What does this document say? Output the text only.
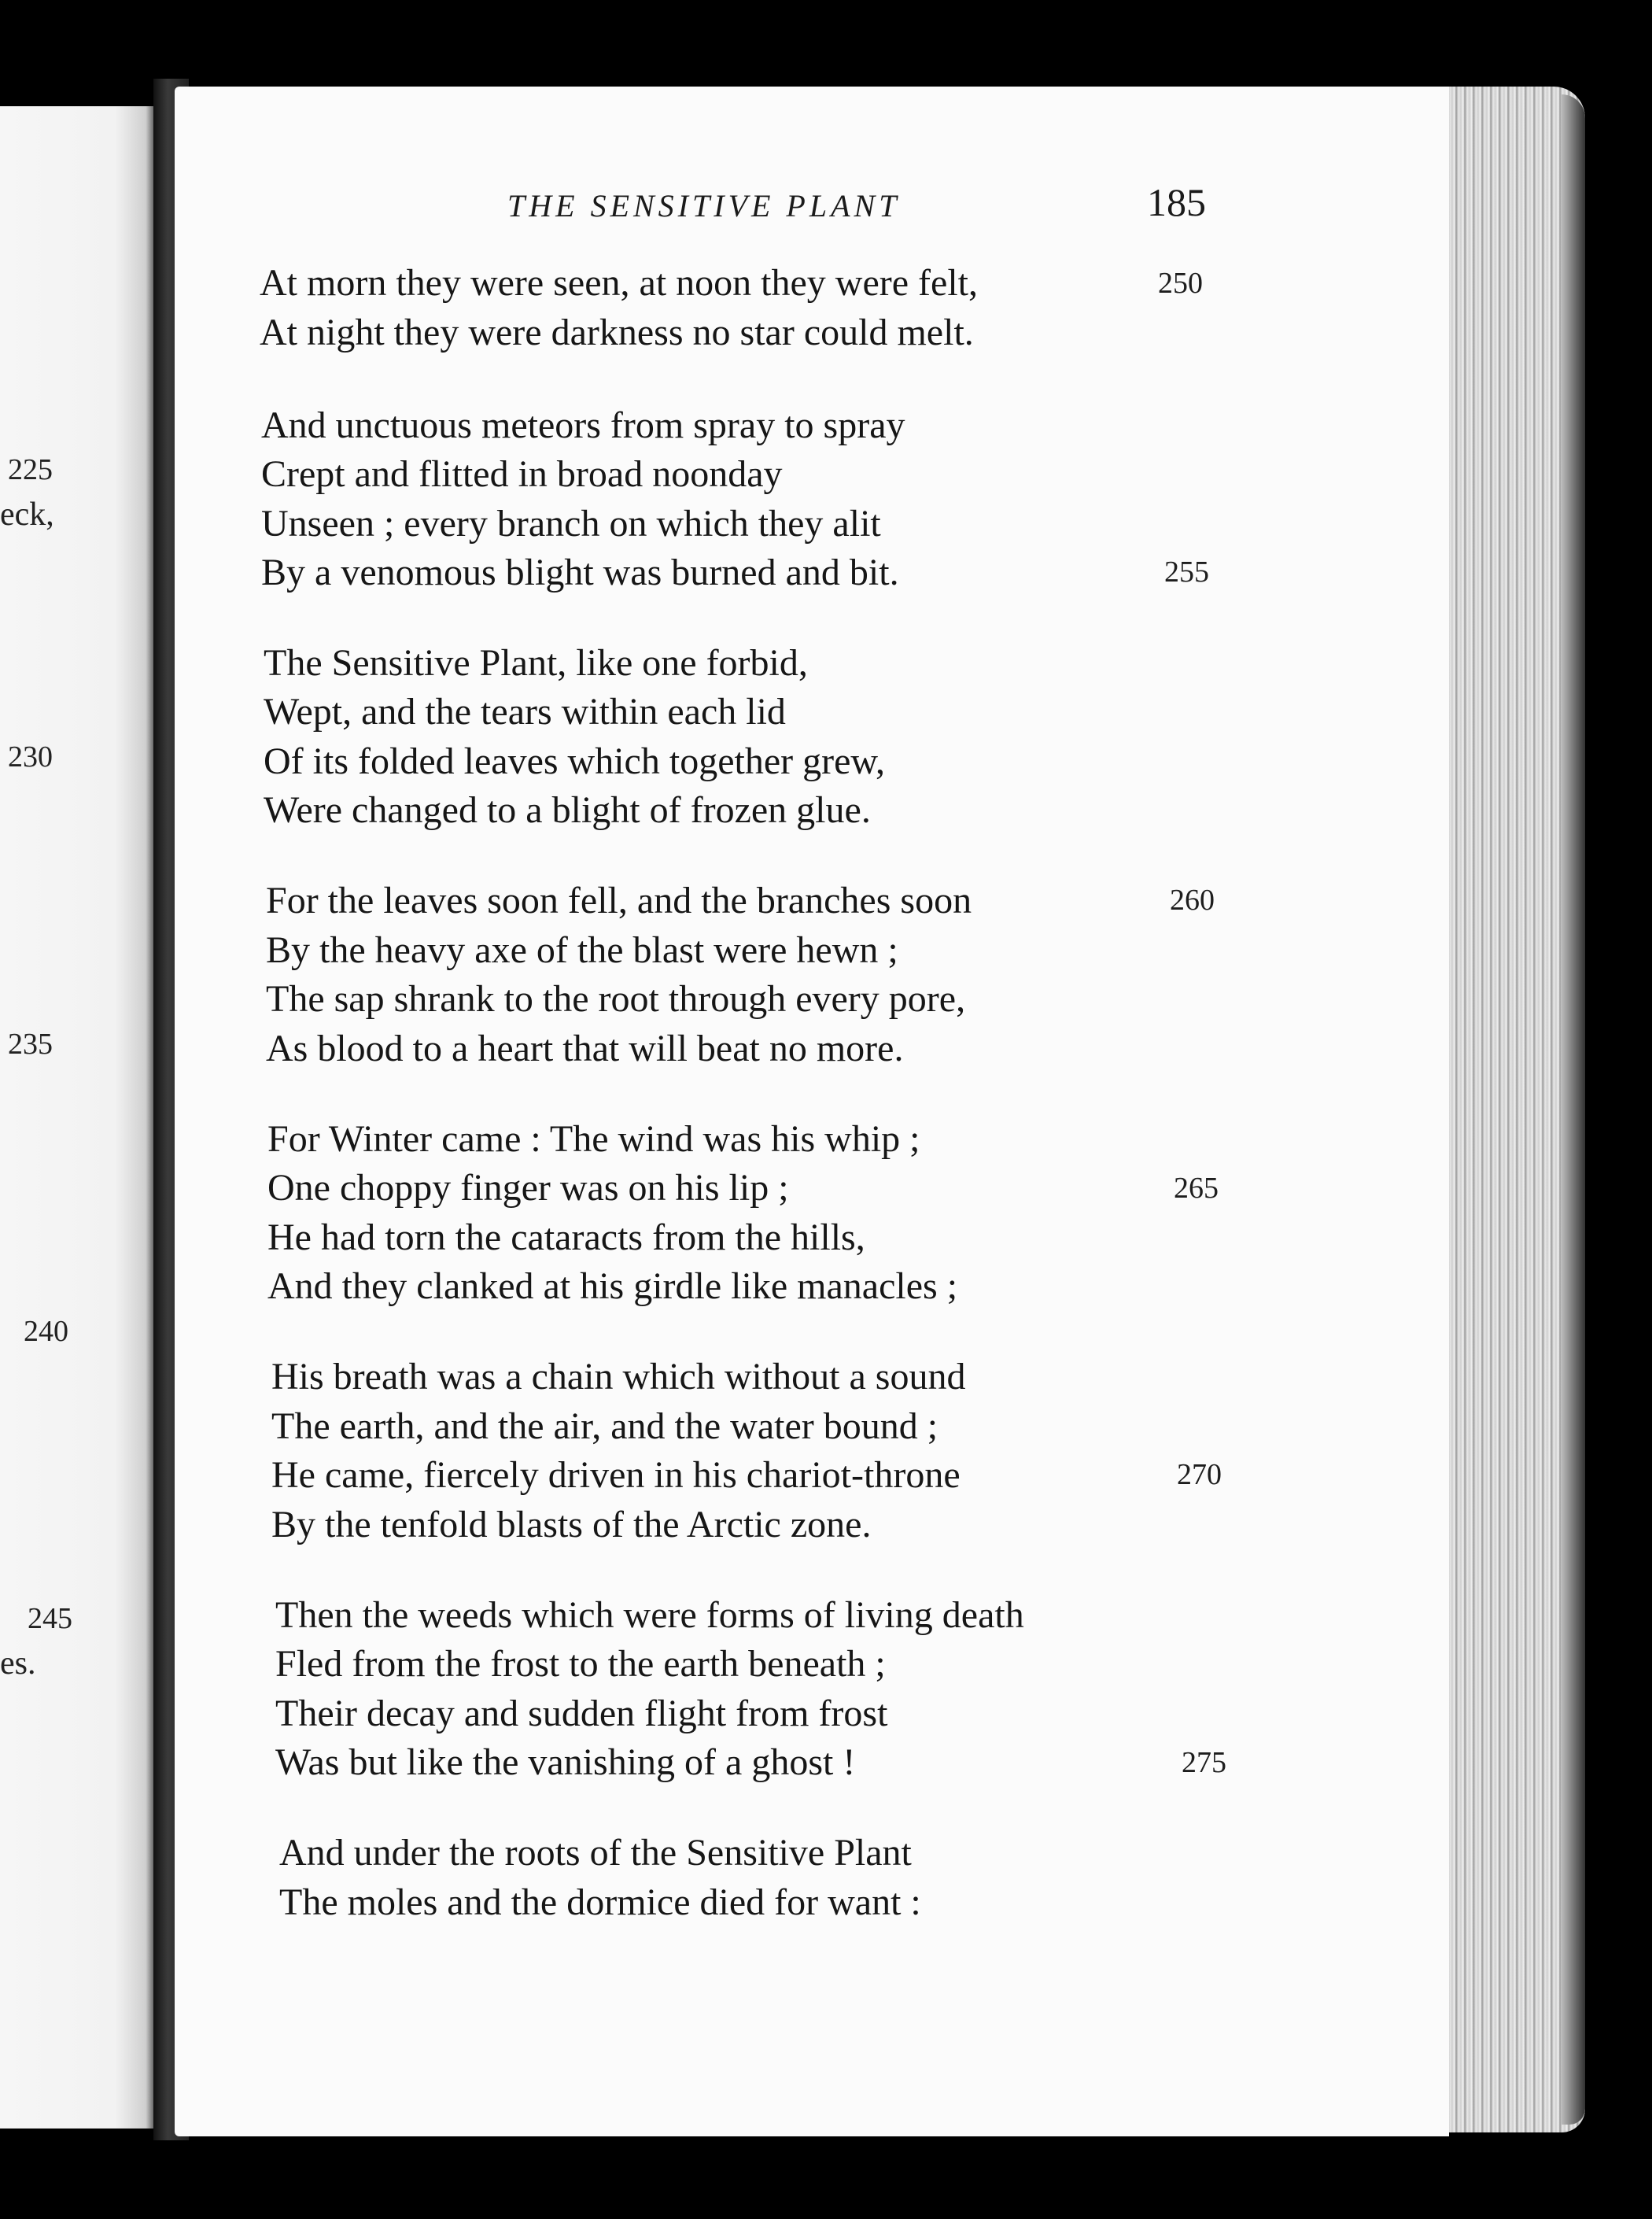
225
eck,
230
235
240
245
es.
THE SENSITIVE PLANT	185
At morn they were seen, at noon they were felt,
At night they were darkness no star could melt.
And unctuous meteors from spray to spray
Crept and flitted in broad noonday
Unseen ; every branch on which they alit
By a venomous blight was burned and bit.
The Sensitive Plant, like one forbid,
Wept, and the tears within each lid
Of its folded leaves which together grew,
Were changed to a blight of frozen glue.
For the leaves soon fell, and the branches soon
By the heavy axe of the blast were hewn ;
The sap shrank to the root through every pore,
As blood to a heart that will beat no more.
For Winter came : The wind was his whip ;
One choppy finger was on his lip ;
He had torn the cataracts from the hills,
And they clanked at his girdle like manacles ;
His breath was a chain which without a sound
The earth, and the air, and the water bound ;
He came, fiercely driven in his chariot-throne
By the tenfold blasts of the Arctic zone.
Then the weeds which were forms of living death
Fled from the frost to the earth beneath ;
Their decay and sudden flight from frost
Was but like the vanishing of a ghost !
And under the roots of the Sensitive Plant
The moles and the dormice died for want :
250
255
260
265
270
275
